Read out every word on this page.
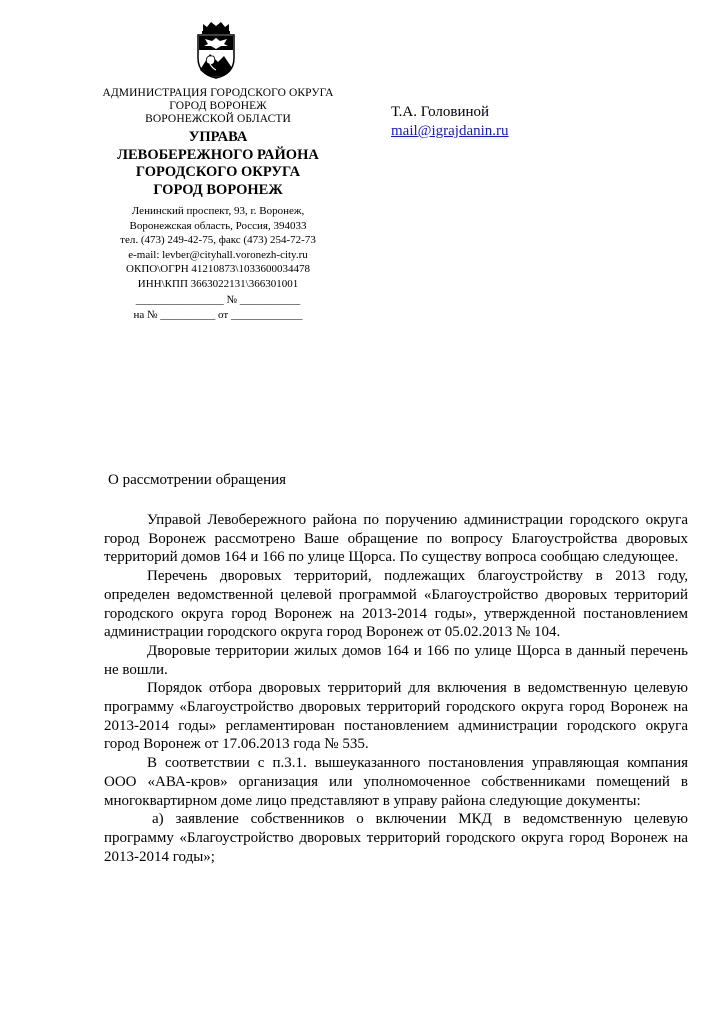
АДМИНИСТРАЦИЯ ГОРОДСКОГО ОКРУГА
ГОРОД ВОРОНЕЖ
ВОРОНЕЖСКОЙ ОБЛАСТИ
УПРАВА
ЛЕВОБЕРЕЖНОГО РАЙОНА
ГОРОДСКОГО ОКРУГА
ГОРОД ВОРОНЕЖ
Ленинский проспект, 93, г. Воронеж,
Воронежская область, Россия, 394033
тел. (473) 249-42-75, факс (473) 254-72-73
e-mail: levber@cityhall.voronezh-city.ru
ОКПО\ОГРН 41210873\1033600034478
ИНН\КПП 3663022131\366301001
________________ № ___________
на № __________ от _____________
Т.А. Головиной
mail@igrajdanin.ru
О рассмотрении обращения

Управой Левобережного района по поручению администрации городского округа город Воронеж рассмотрено Ваше обращение по вопросу Благоустройства дворовых территорий домов 164 и 166 по улице Щорса. По существу вопроса сообщаю следующее.

Перечень дворовых территорий, подлежащих благоустройству в 2013 году, определен ведомственной целевой программой «Благоустройство дворовых территорий городского округа город Воронеж на 2013-2014 годы», утвержденной постановлением администрации городского округа город Воронеж от 05.02.2013 № 104.

Дворовые территории жилых домов 164 и 166 по улице Щорса в данный перечень не вошли.

Порядок отбора дворовых территорий для включения в ведомственную целевую программу «Благоустройство дворовых территорий городского округа город Воронеж на 2013-2014 годы» регламентирован постановлением администрации городского округа город Воронеж от 17.06.2013 года № 535.

В соответствии с п.3.1. вышеуказанного постановления управляющая компания ООО «АВА-кров» организация или уполномоченное собственниками помещений в многоквартирном доме лицо представляют в управу района следующие документы:

а) заявление собственников о включении МКД в ведомственную целевую программу «Благоустройство дворовых территорий городского округа город Воронеж на 2013-2014 годы»;
